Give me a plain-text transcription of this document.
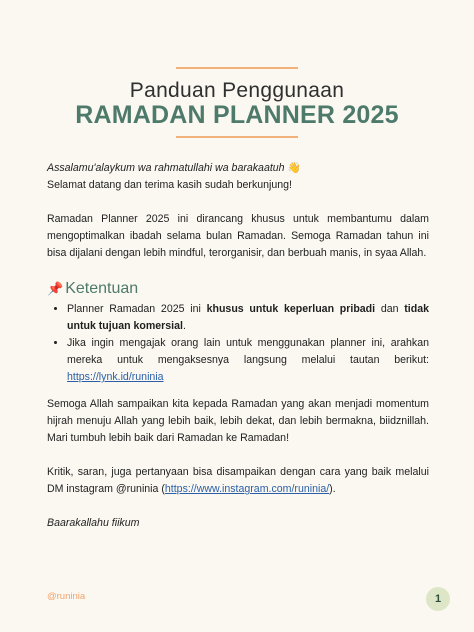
Panduan Penggunaan
RAMADAN PLANNER 2025

Assalamu'alaykum wa rahmatullahi wa barakaatuh 👋

Selamat datang dan terima kasih sudah berkunjung!

Ramadan Planner 2025 ini dirancang khusus untuk membantumu dalam mengoptimalkan ibadah selama bulan Ramadan. Semoga Ramadan tahun ini bisa dijalani dengan lebih mindful, terorganisir, dan berbuah manis, in syaa Allah.

📌 Ketentuan
• Planner Ramadan 2025 ini khusus untuk keperluan pribadi dan tidak untuk tujuan komersial.
• Jika ingin mengajak orang lain untuk menggunakan planner ini, arahkan mereka untuk mengaksesnya langsung melalui tautan berikut: https://lynk.id/runinia

Semoga Allah sampaikan kita kepada Ramadan yang akan menjadi momentum hijrah menuju Allah yang lebih baik, lebih dekat, dan lebih bermakna, biidznillah. Mari tumbuh lebih baik dari Ramadan ke Ramadan!

Kritik, saran, juga pertanyaan bisa disampaikan dengan cara yang baik melalui DM instagram @runinia (https://www.instagram.com/runinia/).

Baarakallahu fiikum

@runinia	1
